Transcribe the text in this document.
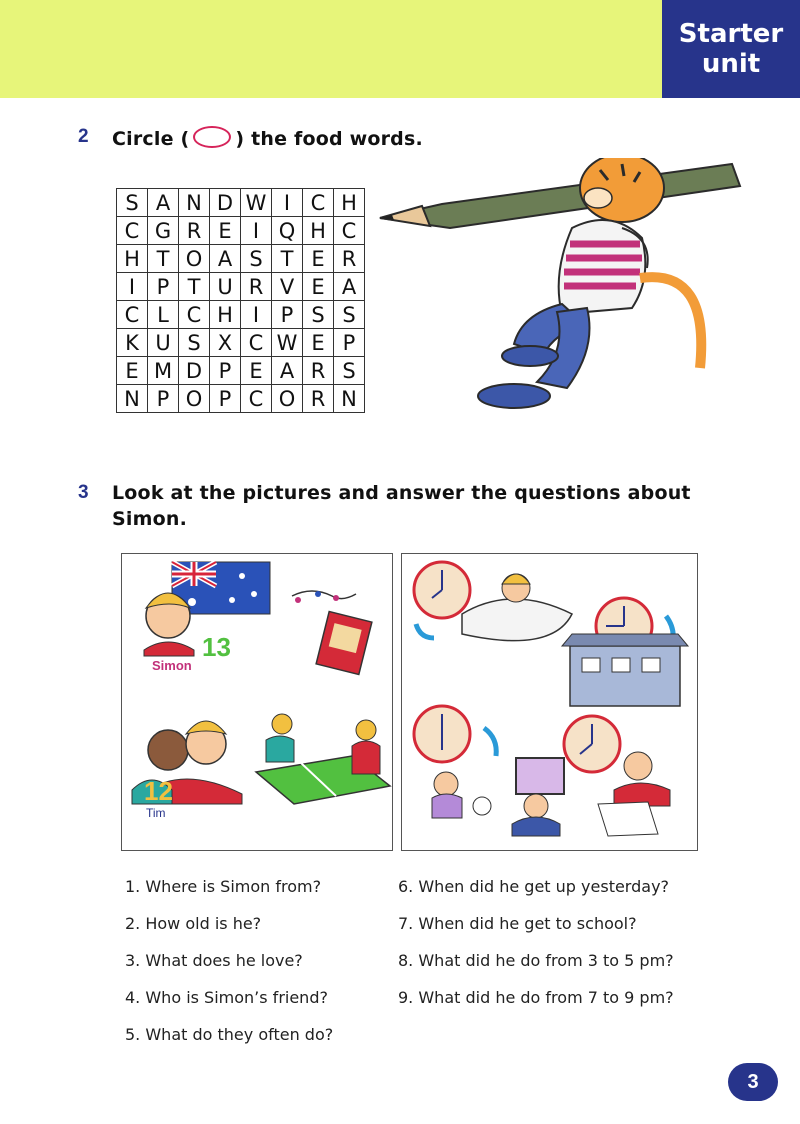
Starter
unit
2 Circle ( ) the food words.
S	A	N	D	W	I	C	H
C	G	R	E	I	Q	H	C
H	T	O	A	S	T	E	R
I	P	T	U	R	V	E	A
C	L	C	H	I	P	S	S
K	U	S	X	C	W	E	P
E	M	D	P	E	A	R	S
N	P	O	P	C	O	R	N
3 Look at the pictures and answer the questions about
Simon.
Simon
13
12
Tim
1. Where is Simon from?
2. How old is he?
3. What does he love?
4. Who is Simon’s friend?
5. What do they often do?
6. When did he get up yesterday?
7. When did he get to school?
8. What did he do from 3 to 5 pm?
9. What did he do from 7 to 9 pm?
3
